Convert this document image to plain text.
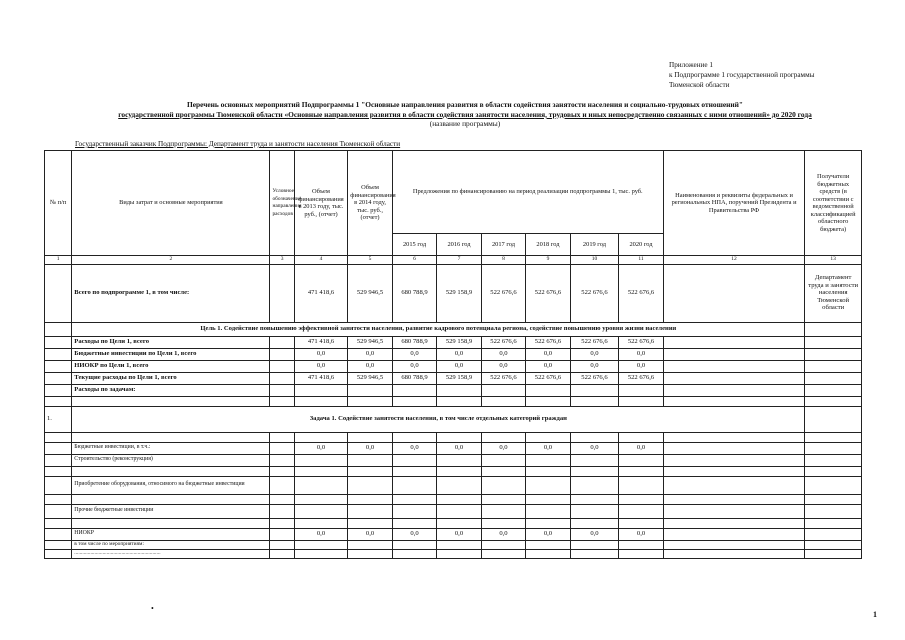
Приложение 1
к Подпрограмме 1 государственной программы
Тюменской области
Перечень основных мероприятий Подпрограммы 1 "Основные направления развития в области содействия занятости населения и социально-трудовых отношений"
государственной программы Тюменской области «Основные направления развития в области содействия занятости населения, трудовых и иных непосредственно связанных с ними отношений» до 2020 года
(название программы)
Государственный заказчик Подпрограммы: Департамент труда и занятости населения Тюменской области
№ п/п	Виды затрат и основные мероприятия	Условное обозначение направления расходов	Объем финансирования в 2013 году, тыс. руб., (отчет)	Объем финансирования в 2014 году, тыс. руб., (отчет)	Предложения по финансированию на период реализации подпрограммы 1, тыс. руб.						Наименования и реквизиты федеральных и региональных НПА, поручений Президента и Правительства РФ	Получатели бюджетных средств (в соответствии с ведомственной классификацией областного бюджета)
					2015 год	2016 год	2017 год	2018 год	2019 год	2020 год		
1	2	3	4	5	6	7	8	9	10	11	12	13
	Всего по подпрограмме 1, в том числе:		471 418,6	529 946,5	680 788,9	529 158,9	522 676,6	522 676,6	522 676,6	522 676,6		Департамент труда и занятости населения Тюменской области
	Цель 1. Содействие повышению эффективной занятости населения, развитие кадрового потенциала региона, содействие повышению уровня жизни населения											
	Расходы по Цели 1, всего		471 418,6	529 946,5	680 788,9	529 158,9	522 676,6	522 676,6	522 676,6	522 676,6		
	Бюджетные инвестиции по Цели 1, всего		0,0	0,0	0,0	0,0	0,0	0,0	0,0	0,0		
	НИОКР по Цели 1, всего		0,0	0,0	0,0	0,0	0,0	0,0	0,0	0,0		
	Текущие расходы по Цели 1, всего		471 418,6	529 946,5	680 788,9	529 158,9	522 676,6	522 676,6	522 676,6	522 676,6		
	Расходы по задачам:											

1.	Задача 1. Содействие занятости населения, в том числе отдельных категорий граждан											

	Бюджетные инвестиции, в т.ч.:		0,0	0,0	0,0	0,0	0,0	0,0	0,0	0,0		
	Строительство (реконструкция)											

	Приобретение оборудования, относимого на бюджетные инвестиции											

	Прочие бюджетные инвестиции											

	НИОКР		0,0	0,0	0,0	0,0	0,0	0,0	0,0	0,0		
	в том числе по мероприятиям:											
	................................................................											
•
1
